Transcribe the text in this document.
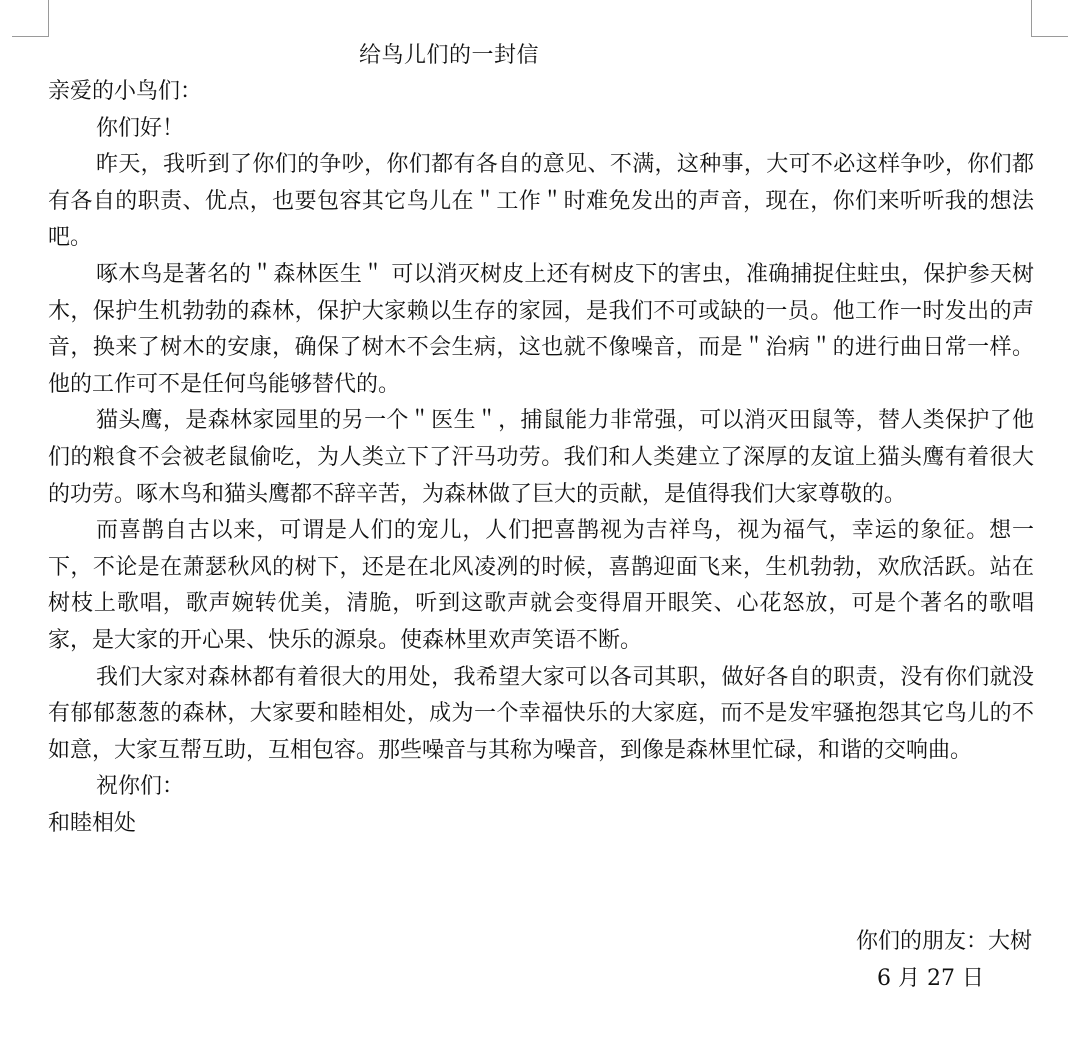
给鸟儿们的一封信

亲爱的小鸟们：

你们好！

昨天，我听到了你们的争吵，你们都有各自的意见、不满，这种事，大可不必这样争吵，你们都有各自的职责、优点，也要包容其它鸟儿在＂工作＂时难免发出的声音，现在，你们来听听我的想法吧。

啄木鸟是著名的＂森林医生＂ 可以消灭树皮上还有树皮下的害虫，准确捕捉住蛀虫，保护参天树木，保护生机勃勃的森林，保护大家赖以生存的家园，是我们不可或缺的一员。他工作一时发出的声音，换来了树木的安康，确保了树木不会生病，这也就不像噪音，而是＂治病＂的进行曲日常一样。他的工作可不是任何鸟能够替代的。

猫头鹰，是森林家园里的另一个＂医生＂，捕鼠能力非常强，可以消灭田鼠等，替人类保护了他们的粮食不会被老鼠偷吃，为人类立下了汗马功劳。我们和人类建立了深厚的友谊上猫头鹰有着很大的功劳。啄木鸟和猫头鹰都不辞辛苦，为森林做了巨大的贡献，是值得我们大家尊敬的。

而喜鹊自古以来，可谓是人们的宠儿，人们把喜鹊视为吉祥鸟，视为福气，幸运的象征。想一下，不论是在萧瑟秋风的树下，还是在北风凌冽的时候，喜鹊迎面飞来，生机勃勃，欢欣活跃。站在树枝上歌唱，歌声婉转优美，清脆，听到这歌声就会变得眉开眼笑、心花怒放，可是个著名的歌唱家，是大家的开心果、快乐的源泉。使森林里欢声笑语不断。

我们大家对森林都有着很大的用处，我希望大家可以各司其职，做好各自的职责，没有你们就没有郁郁葱葱的森林，大家要和睦相处，成为一个幸福快乐的大家庭，而不是发牢骚抱怨其它鸟儿的不如意，大家互帮互助，互相包容。那些噪音与其称为噪音，到像是森林里忙碌，和谐的交响曲。

祝你们：

和睦相处

你们的朋友：大树
6 月 27 日
